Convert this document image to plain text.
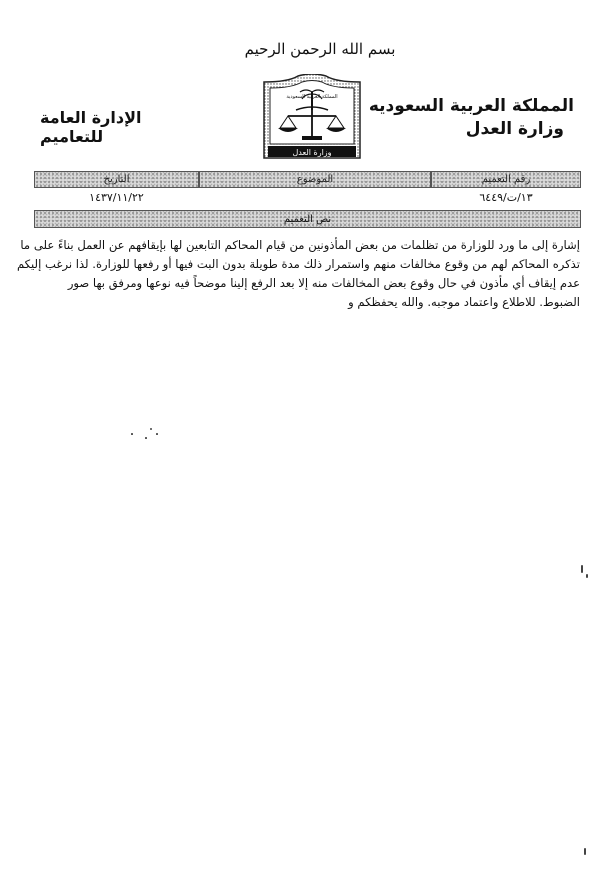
بسم الله الرحمن الرحيم
المملكة العربية السعوديه
وزارة العدل
الإدارة العامة للتعاميم
المملكة العربية السعودية
وزارة العدل
رقم التعميم
الموضوع
التاريخ
١٣/ت/٦٤٤٩
١٤٣٧/١١/٢٢
نص التعميم
إشارة إلى ما ورد للوزارة من تظلمات من بعض المأذونين من قيام المحاكم التابعين لها بإيقافهم عن العمل بناءً على ما
تذكره المحاكم لهم من وقوع مخالفات منهم واستمرار ذلك مدة طويلة بدون البت فيها أو رفعها للوزارة. لذا نرغب إليكم
عدم إيقاف أي مأذون في حال وقوع بعض المخالفات منه إلا بعد الرفع إلينا موضحاً فيه نوعها ومرفق بها صور
الضبوط. للاطلاع واعتماد موجبه. والله يحفظكم و
